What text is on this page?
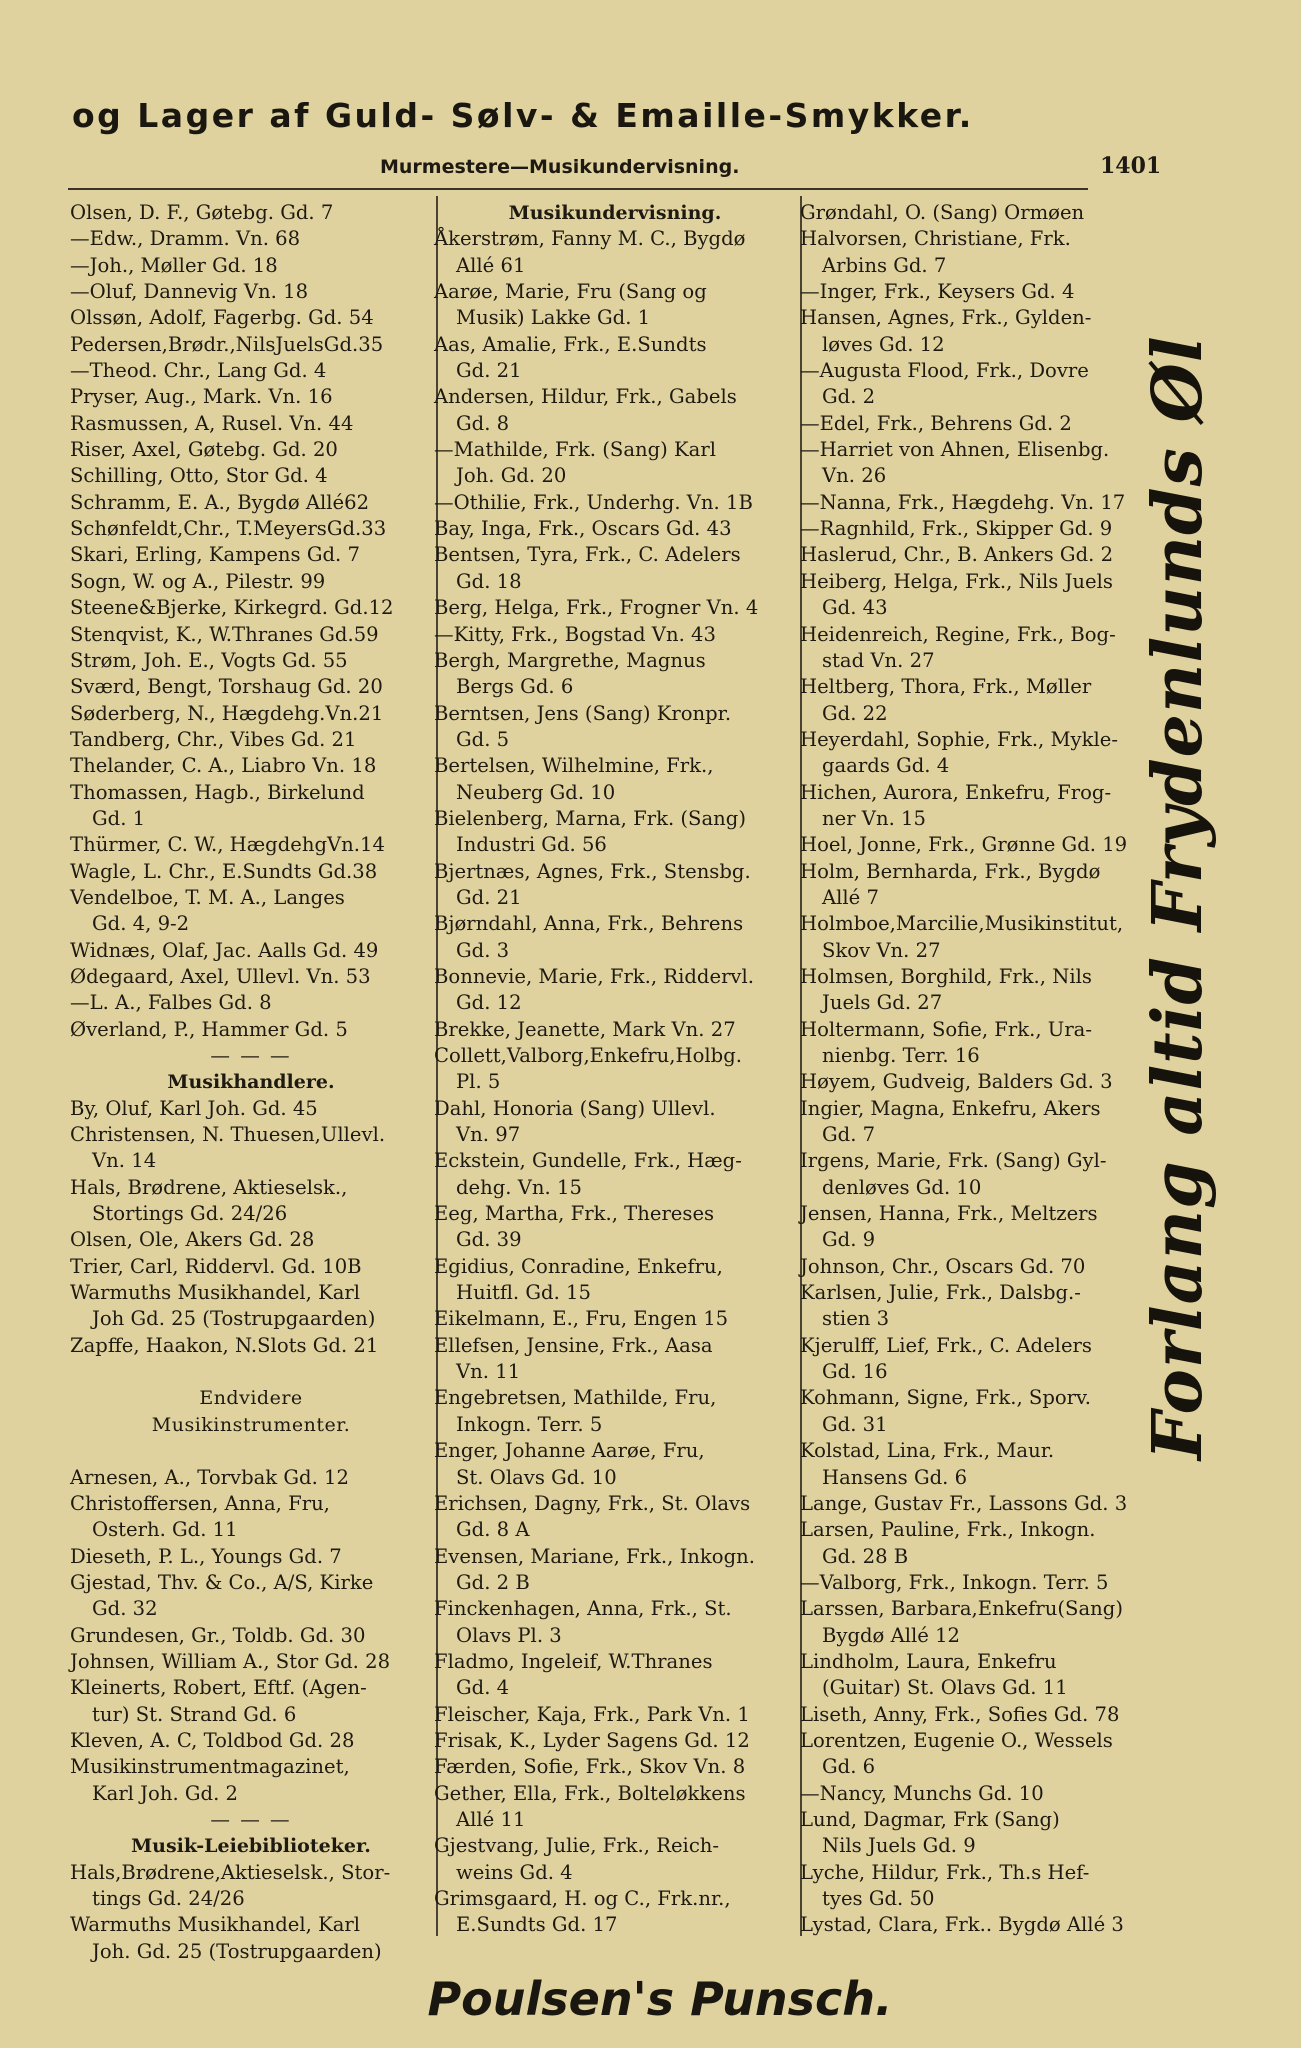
og Lager af Guld- Sølv- & Emaille-Smykker.
Murmestere—Musikundervisning.	1401
Olsen, D. F., Gøtebg. Gd. 7
—Edw., Dramm. Vn. 68
—Joh., Møller Gd. 18
—Oluf, Dannevig Vn. 18
Olssøn, Adolf, Fagerbg. Gd. 54
Pedersen,Brødr.,NilsJuelsGd.35
—Theod. Chr., Lang Gd. 4
Pryser, Aug., Mark. Vn. 16
Rasmussen, A, Rusel. Vn. 44
Riser, Axel, Gøtebg. Gd. 20
Schilling, Otto, Stor Gd. 4
Schramm, E. A., Bygdø Allé62
Schønfeldt,Chr., T.MeyersGd.33
Skari, Erling, Kampens Gd. 7
Sogn, W. og A., Pilestr. 99
Steene&Bjerke, Kirkegrd. Gd.12
Stenqvist, K., W.Thranes Gd.59
Strøm, Joh. E., Vogts Gd. 55
Sværd, Bengt, Torshaug Gd. 20
Søderberg, N., Hægdehg.Vn.21
Tandberg, Chr., Vibes Gd. 21
Thelander, C. A., Liabro Vn. 18
Thomassen, Hagb., Birkelund
Gd. 1
Thürmer, C. W., HægdehgVn.14
Wagle, L. Chr., E.Sundts Gd.38
Vendelboe, T. M. A., Langes
Gd. 4, 9-2
Widnæs, Olaf, Jac. Aalls Gd. 49
Ødegaard, Axel, Ullevl. Vn. 53
—L. A., Falbes Gd. 8
Øverland, P., Hammer Gd. 5
— — —
Musikhandlere.
By, Oluf, Karl Joh. Gd. 45
Christensen, N. Thuesen,Ullevl.
Vn. 14
Hals, Brødrene, Aktieselsk.,
Stortings Gd. 24/26
Olsen, Ole, Akers Gd. 28
Trier, Carl, Riddervl. Gd. 10B
Warmuths Musikhandel, Karl
Joh Gd. 25 (Tostrupgaarden)
Zapffe, Haakon, N.Slots Gd. 21
Endvidere
Musikinstrumenter.
Arnesen, A., Torvbak Gd. 12
Christoffersen, Anna, Fru,
Osterh. Gd. 11
Dieseth, P. L., Youngs Gd. 7
Gjestad, Thv. & Co., A/S, Kirke
Gd. 32
Grundesen, Gr., Toldb. Gd. 30
Johnsen, William A., Stor Gd. 28
Kleinerts, Robert, Eftf. (Agen-
tur) St. Strand Gd. 6
Kleven, A. C, Toldbod Gd. 28
Musikinstrumentmagazinet,
Karl Joh. Gd. 2
— — —
Musik-Leiebiblioteker.
Hals,Brødrene,Aktieselsk., Stor-
tings Gd. 24/26
Warmuths Musikhandel, Karl
Joh. Gd. 25 (Tostrupgaarden)
Musikundervisning.
Åkerstrøm, Fanny M. C., Bygdø
Allé 61
Aarøe, Marie, Fru (Sang og
Musik) Lakke Gd. 1
Aas, Amalie, Frk., E.Sundts
Gd. 21
Andersen, Hildur, Frk., Gabels
Gd. 8
—Mathilde, Frk. (Sang) Karl
Joh. Gd. 20
—Othilie, Frk., Underhg. Vn. 1B
Bay, Inga, Frk., Oscars Gd. 43
Bentsen, Tyra, Frk., C. Adelers
Gd. 18
Berg, Helga, Frk., Frogner Vn. 4
—Kitty, Frk., Bogstad Vn. 43
Bergh, Margrethe, Magnus
Bergs Gd. 6
Berntsen, Jens (Sang) Kronpr.
Gd. 5
Bertelsen, Wilhelmine, Frk.,
Neuberg Gd. 10
Bielenberg, Marna, Frk. (Sang)
Industri Gd. 56
Bjertnæs, Agnes, Frk., Stensbg.
Gd. 21
Bjørndahl, Anna, Frk., Behrens
Gd. 3
Bonnevie, Marie, Frk., Riddervl.
Gd. 12
Brekke, Jeanette, Mark Vn. 27
Collett,Valborg,Enkefru,Holbg.
Pl. 5
Dahl, Honoria (Sang) Ullevl.
Vn. 97
Eckstein, Gundelle, Frk., Hæg-
dehg. Vn. 15
Eeg, Martha, Frk., Thereses
Gd. 39
Egidius, Conradine, Enkefru,
Huitfl. Gd. 15
Eikelmann, E., Fru, Engen 15
Ellefsen, Jensine, Frk., Aasa
Vn. 11
Engebretsen, Mathilde, Fru,
Inkogn. Terr. 5
Enger, Johanne Aarøe, Fru,
St. Olavs Gd. 10
Erichsen, Dagny, Frk., St. Olavs
Gd. 8 A
Evensen, Mariane, Frk., Inkogn.
Gd. 2 B
Finckenhagen, Anna, Frk., St.
Olavs Pl. 3
Fladmo, Ingeleif, W.Thranes
Gd. 4
Fleischer, Kaja, Frk., Park Vn. 1
Frisak, K., Lyder Sagens Gd. 12
Færden, Sofie, Frk., Skov Vn. 8
Gether, Ella, Frk., Bolteløkkens
Allé 11
Gjestvang, Julie, Frk., Reich-
weins Gd. 4
Grimsgaard, H. og C., Frk.nr.,
E.Sundts Gd. 17
Grøndahl, O. (Sang) Ormøen
Halvorsen, Christiane, Frk.
Arbins Gd. 7
—Inger, Frk., Keysers Gd. 4
Hansen, Agnes, Frk., Gylden-
løves Gd. 12
—Augusta Flood, Frk., Dovre
Gd. 2
—Edel, Frk., Behrens Gd. 2
—Harriet von Ahnen, Elisenbg.
Vn. 26
—Nanna, Frk., Hægdehg. Vn. 17
—Ragnhild, Frk., Skipper Gd. 9
Haslerud, Chr., B. Ankers Gd. 2
Heiberg, Helga, Frk., Nils Juels
Gd. 43
Heidenreich, Regine, Frk., Bog-
stad Vn. 27
Heltberg, Thora, Frk., Møller
Gd. 22
Heyerdahl, Sophie, Frk., Mykle-
gaards Gd. 4
Hichen, Aurora, Enkefru, Frog-
ner Vn. 15
Hoel, Jonne, Frk., Grønne Gd. 19
Holm, Bernharda, Frk., Bygdø
Allé 7
Holmboe,Marcilie,Musikinstitut,
Skov Vn. 27
Holmsen, Borghild, Frk., Nils
Juels Gd. 27
Holtermann, Sofie, Frk., Ura-
nienbg. Terr. 16
Høyem, Gudveig, Balders Gd. 3
Ingier, Magna, Enkefru, Akers
Gd. 7
Irgens, Marie, Frk. (Sang) Gyl-
denløves Gd. 10
Jensen, Hanna, Frk., Meltzers
Gd. 9
Johnson, Chr., Oscars Gd. 70
Karlsen, Julie, Frk., Dalsbg.-
stien 3
Kjerulff, Lief, Frk., C. Adelers
Gd. 16
Kohmann, Signe, Frk., Sporv.
Gd. 31
Kolstad, Lina, Frk., Maur.
Hansens Gd. 6
Lange, Gustav Fr., Lassons Gd. 3
Larsen, Pauline, Frk., Inkogn.
Gd. 28 B
—Valborg, Frk., Inkogn. Terr. 5
Larssen, Barbara,Enkefru(Sang)
Bygdø Allé 12
Lindholm, Laura, Enkefru
(Guitar) St. Olavs Gd. 11
Liseth, Anny, Frk., Sofies Gd. 78
Lorentzen, Eugenie O., Wessels
Gd. 6
—Nancy, Munchs Gd. 10
Lund, Dagmar, Frk (Sang)
Nils Juels Gd. 9
Lyche, Hildur, Frk., Th.s Hef-
tyes Gd. 50
Lystad, Clara, Frk.. Bygdø Allé 3
Forlang altid Frydenlunds Øl
Poulsen's Punsch.
